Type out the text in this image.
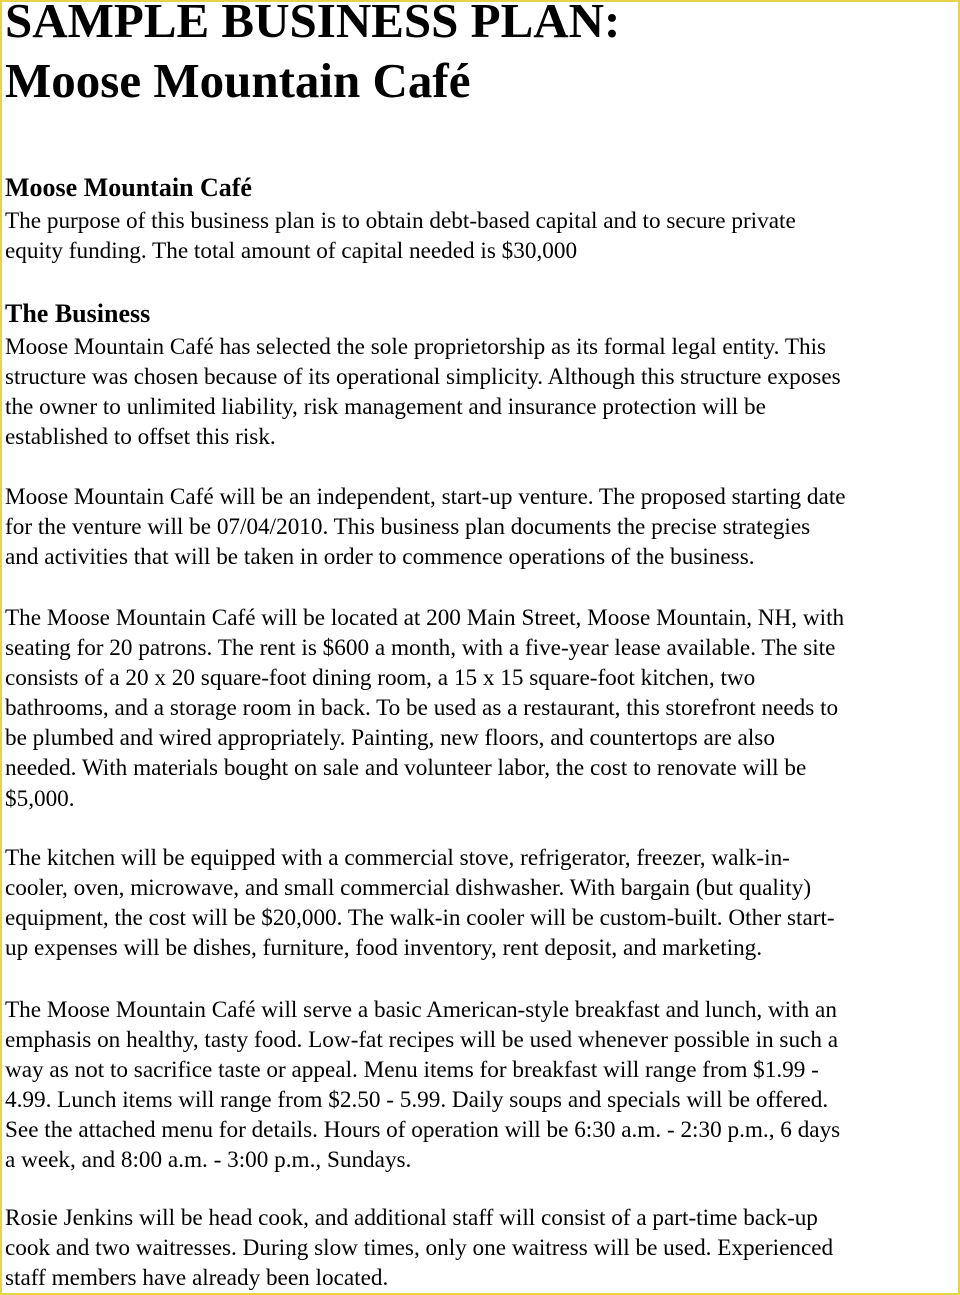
SAMPLE BUSINESS PLAN:
Moose Mountain Café
Moose Mountain Café

The purpose of this business plan is to obtain debt-based capital and to secure private
equity funding. The total amount of capital needed is $30,000

The Business

Moose Mountain Café has selected the sole proprietorship as its formal legal entity. This
structure was chosen because of its operational simplicity. Although this structure exposes
the owner to unlimited liability, risk management and insurance protection will be
established to offset this risk.

Moose Mountain Café will be an independent, start-up venture. The proposed starting date
for the venture will be 07/04/2010. This business plan documents the precise strategies
and activities that will be taken in order to commence operations of the business.

The Moose Mountain Café will be located at 200 Main Street, Moose Mountain, NH, with
seating for 20 patrons. The rent is $600 a month, with a five-year lease available. The site
consists of a 20 x 20 square-foot dining room, a 15 x 15 square-foot kitchen, two
bathrooms, and a storage room in back. To be used as a restaurant, this storefront needs to
be plumbed and wired appropriately. Painting, new floors, and countertops are also
needed. With materials bought on sale and volunteer labor, the cost to renovate will be
$5,000.

The kitchen will be equipped with a commercial stove, refrigerator, freezer, walk-in-
cooler, oven, microwave, and small commercial dishwasher. With bargain (but quality)
equipment, the cost will be $20,000. The walk-in cooler will be custom-built. Other start-
up expenses will be dishes, furniture, food inventory, rent deposit, and marketing.

The Moose Mountain Café will serve a basic American-style breakfast and lunch, with an
emphasis on healthy, tasty food. Low-fat recipes will be used whenever possible in such a
way as not to sacrifice taste or appeal. Menu items for breakfast will range from $1.99 -
4.99. Lunch items will range from $2.50 - 5.99. Daily soups and specials will be offered.
See the attached menu for details. Hours of operation will be 6:30 a.m. - 2:30 p.m., 6 days
a week, and 8:00 a.m. - 3:00 p.m., Sundays.

Rosie Jenkins will be head cook, and additional staff will consist of a part-time back-up
cook and two waitresses. During slow times, only one waitress will be used. Experienced
staff members have already been located.
